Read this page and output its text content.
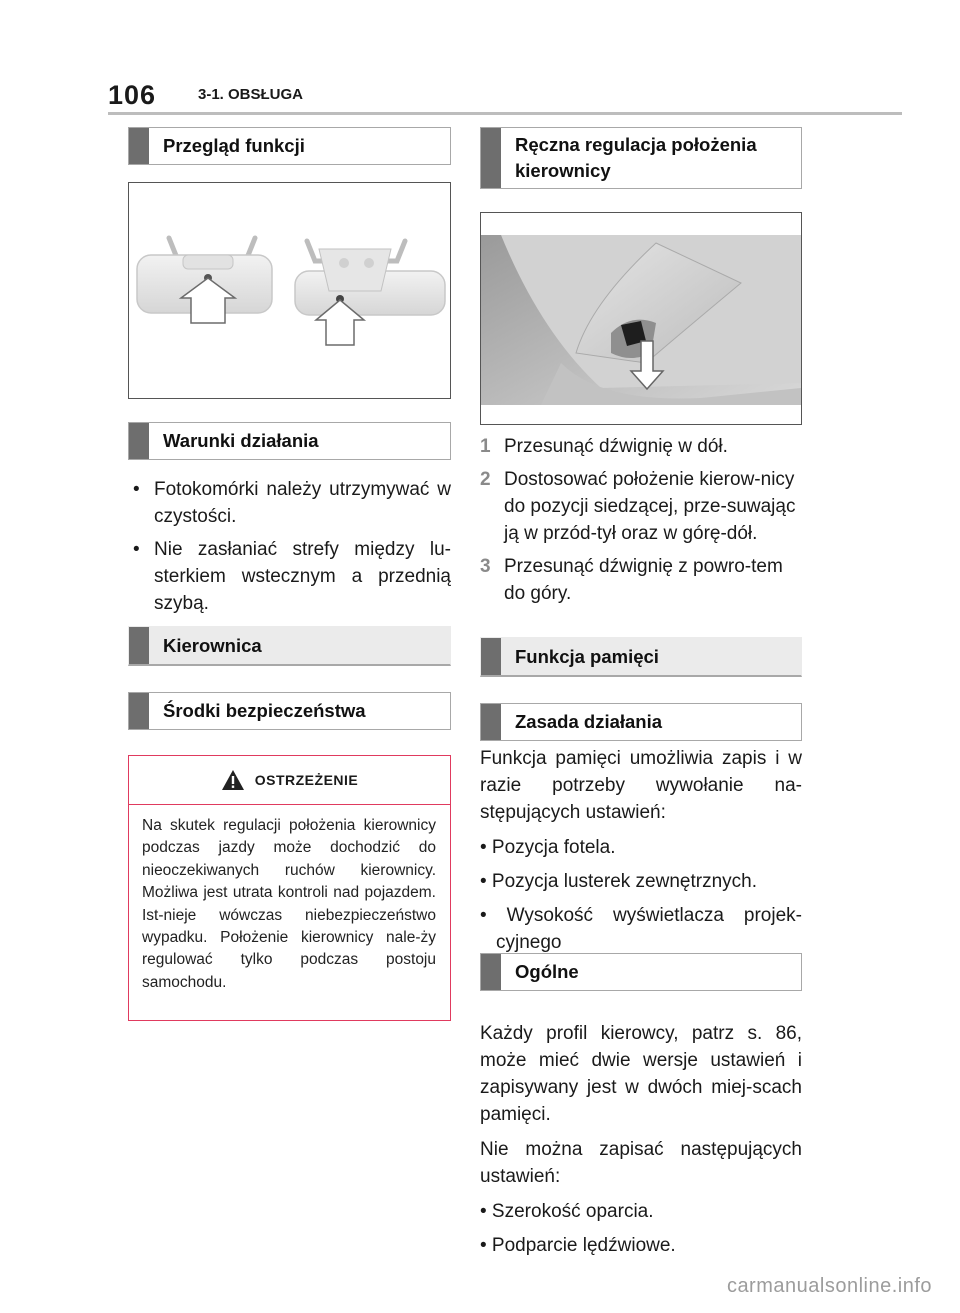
106	3-1. OBSŁUGA
Przegląd funkcji
Warunki działania
• Fotokomórki należy utrzymywać w czystości.
• Nie zasłaniać strefy między lu-sterkiem wstecznym a przednią szybą.
Kierownica
Środki bezpieczeństwa
OSTRZEŻENIE
Na skutek regulacji położenia kierownicy podczas jazdy może dochodzić do nieoczekiwanych ruchów kierownicy. Możliwa jest utrata kontroli nad pojazdem. Ist-nieje wówczas niebezpieczeństwo wypadku. Położenie kierownicy nale-ży regulować tylko podczas postoju samochodu.
Ręczna regulacja położenia kierownicy
1 Przesunąć dźwignię w dół.
2 Dostosować położenie kierow-nicy do pozycji siedzącej, prze-suwając ją w przód-tył oraz w górę-dół.
3 Przesunąć dźwignię z powro-tem do góry.
Funkcja pamięci
Zasada działania

Funkcja pamięci umożliwia zapis i w razie potrzeby wywołanie na-stępujących ustawień:

• Pozycja fotela.
• Pozycja lusterek zewnętrznych.
• Wysokość wyświetlacza projek-cyjnego
Ogólne

Każdy profil kierowcy, patrz s. 86, może mieć dwie wersje ustawień i zapisywany jest w dwóch miej-scach pamięci.

Nie można zapisać następujących ustawień:

• Szerokość oparcia.
• Podparcie lędźwiowe.
carmanualsonline.info
